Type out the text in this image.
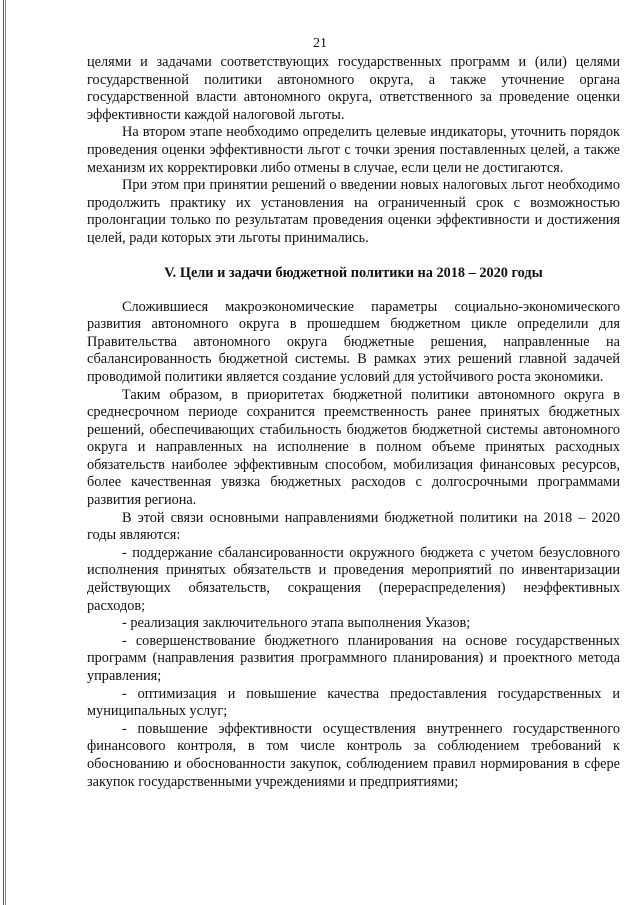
21

целями и задачами соответствующих государственных программ и (или) целями государственной политики автономного округа, а также уточнение органа государственной власти автономного округа, ответственного за проведение оценки эффективности каждой налоговой льготы.

На втором этапе необходимо определить целевые индикаторы, уточнить порядок проведения оценки эффективности льгот с точки зрения поставленных целей, а также механизм их корректировки либо отмены в случае, если цели не достигаются.

При этом при принятии решений о введении новых налоговых льгот необходимо продолжить практику их установления на ограниченный срок с возможностью пролонгации только по результатам проведения оценки эффективности и достижения целей, ради которых эти льготы принимались.

V. Цели и задачи бюджетной политики на 2018 – 2020 годы

Сложившиеся макроэкономические параметры социально-экономического развития автономного округа в прошедшем бюджетном цикле определили для Правительства автономного округа бюджетные решения, направленные на сбалансированность бюджетной системы. В рамках этих решений главной задачей проводимой политики является создание условий для устойчивого роста экономики.

Таким образом, в приоритетах бюджетной политики автономного округа в среднесрочном периоде сохранится преемственность ранее принятых бюджетных решений, обеспечивающих стабильность бюджетов бюджетной системы автономного округа и направленных на исполнение в полном объеме принятых расходных обязательств наиболее эффективным способом, мобилизация финансовых ресурсов, более качественная увязка бюджетных расходов с долгосрочными программами развития региона.

В этой связи основными направлениями бюджетной политики на 2018 – 2020 годы являются:

- поддержание сбалансированности окружного бюджета с учетом безусловного исполнения принятых обязательств и проведения мероприятий по инвентаризации действующих обязательств, сокращения (перераспределения) неэффективных расходов;

- реализация заключительного этапа выполнения Указов;

- совершенствование бюджетного планирования на основе государственных программ (направления развития программного планирования) и проектного метода управления;

- оптимизация и повышение качества предоставления государственных и муниципальных услуг;

- повышение эффективности осуществления внутреннего государственного финансового контроля, в том числе контроль за соблюдением требований к обоснованию и обоснованности закупок, соблюдением правил нормирования в сфере закупок государственными учреждениями и предприятиями;
